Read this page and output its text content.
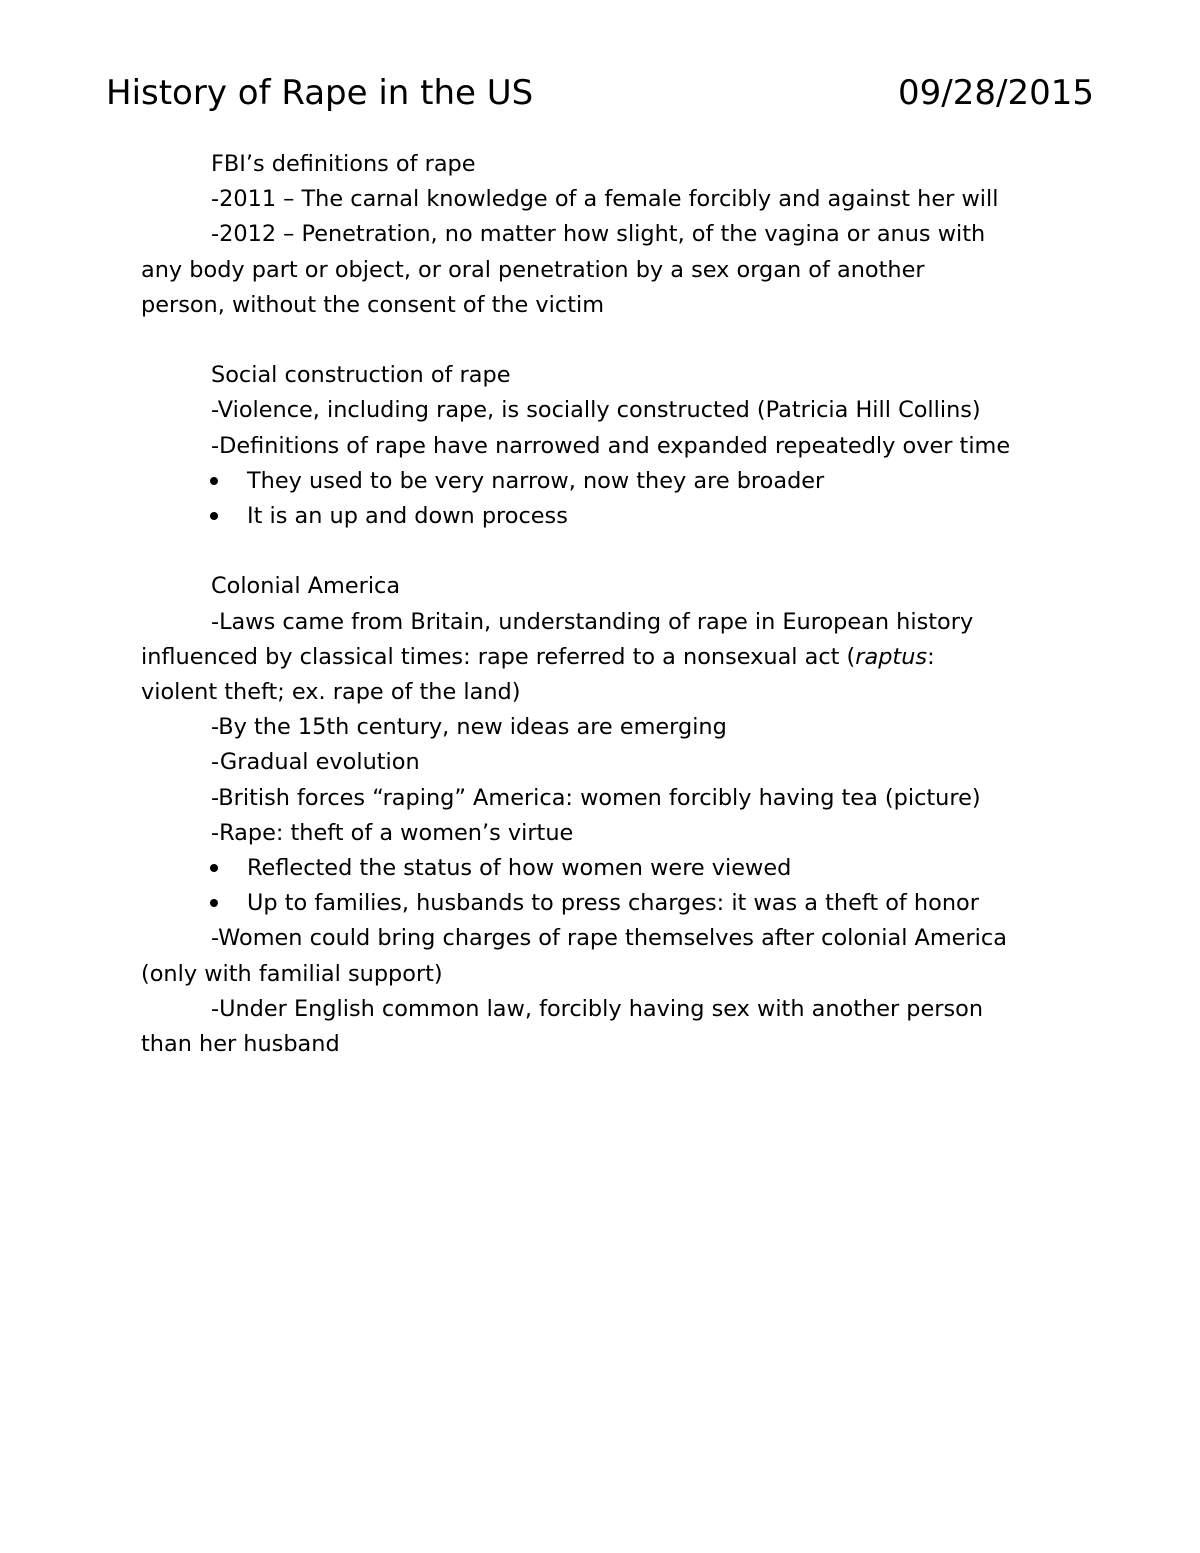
History of Rape in the US	09/28/2015
FBI’s definitions of rape
-2011 – The carnal knowledge of a female forcibly and against her will
-2012 – Penetration, no matter how slight, of the vagina or anus with
any body part or object, or oral penetration by a sex organ of another
person, without the consent of the victim
Social construction of rape
-Violence, including rape, is socially constructed (Patricia Hill Collins)
-Definitions of rape have narrowed and expanded repeatedly over time
They used to be very narrow, now they are broader
It is an up and down process
Colonial America
-Laws came from Britain, understanding of rape in European history
influenced by classical times: rape referred to a nonsexual act (raptus:
violent theft; ex. rape of the land)
-By the 15th century, new ideas are emerging
-Gradual evolution
-British forces “raping” America: women forcibly having tea (picture)
-Rape: theft of a women’s virtue
Reflected the status of how women were viewed
Up to families, husbands to press charges: it was a theft of honor
-Women could bring charges of rape themselves after colonial America
(only with familial support)
-Under English common law, forcibly having sex with another person
than her husband
